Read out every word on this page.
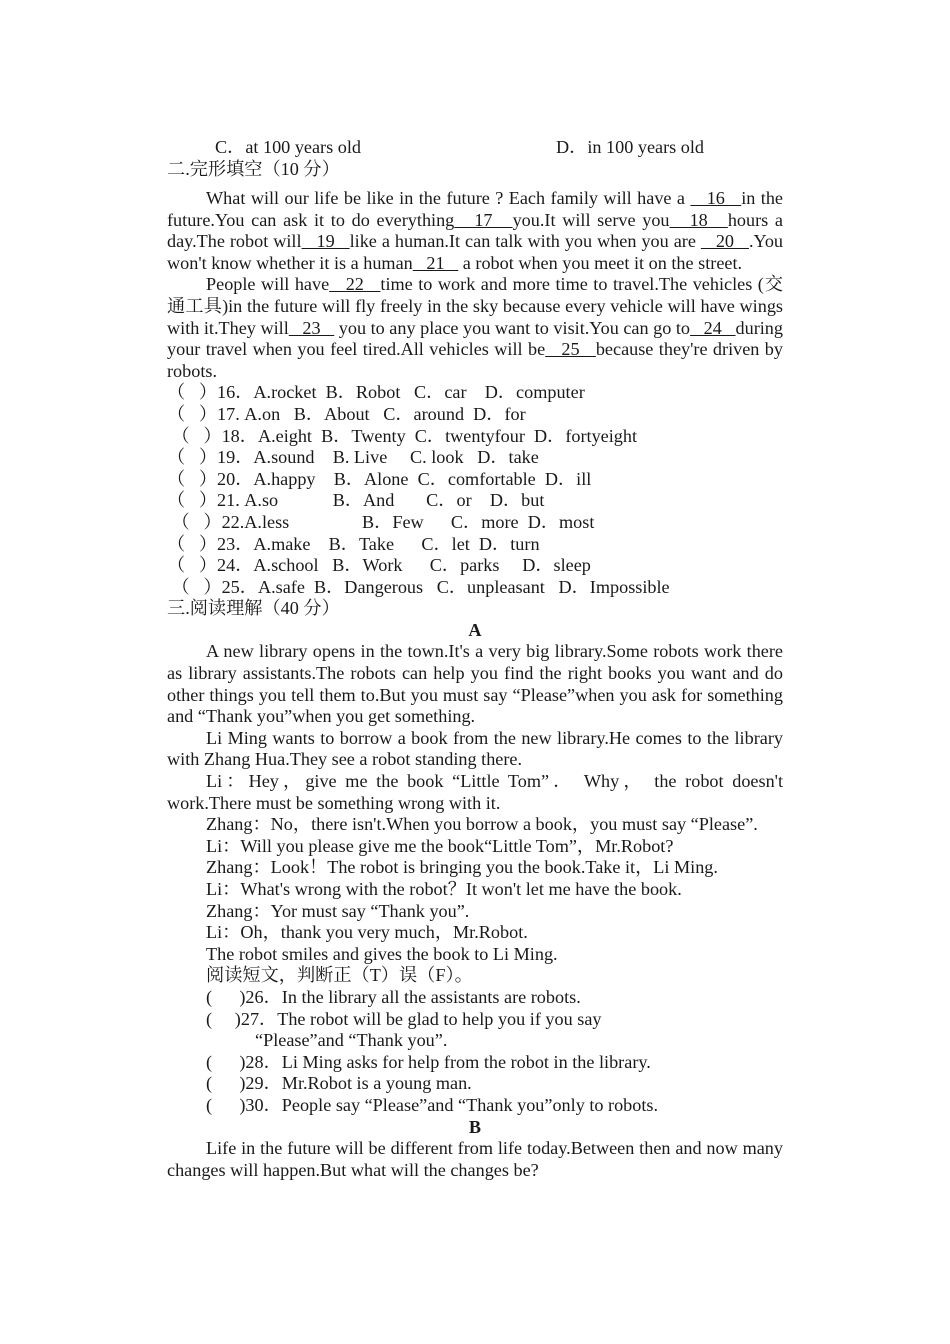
C．at 100 years old	D．in 100 years old
二.完形填空（10 分）

What will our life be like in the future ? Each family will have a    16   in the future.You can ask it to do everything   17   you.It will serve you   18   hours a day.The robot will   19   like a human.It can talk with you when you are    20   .You won't know whether it is a human   21    a robot when you meet it on the street.

People will have   22   time to work and more time to travel.The vehicles (交通工具)in the future will fly freely in the sky because every vehicle will have wings with it.They will   23    you to any place you want to visit.You can go to   24   during your travel when you feel tired.All vehicles will be   25   because they're driven by robots.

（   ）16．A.rocket  B．Robot   C．car    D．computer
（   ）17. A.on   B．About   C．around  D．for
（   ）18．A.eight  B．Twenty  C．twentyfour  D．fortyeight
（   ）19．A.sound    B. Live     C. look   D．take
（   ）20．A.happy    B．Alone  C．comfortable  D．ill
（   ）21. A.so            B．And       C．or    D．but
（   ）22.A.less                B．Few      C．more  D．most
（   ）23．A.make    B．Take      C．let  D．turn
（   ）24．A.school   B．Work      C．parks     D．sleep
（   ）25．A.safe  B．Dangerous   C．unpleasant   D．Impossible
三.阅读理解（40 分）
A

A new library opens in the town.It's a very big library.Some robots work there as library assistants.The robots can help you find the right books you want and do other things you tell them to.But you must say “Please”when you ask for something and “Thank you”when you get something.

Li Ming wants to borrow a book from the new library.He comes to the library with Zhang Hua.They see a robot standing there.

Li：Hey，give me the book “Little Tom”． Why， the robot doesn't work.There must be something wrong with it.

Zhang：No，there isn't.When you borrow a book，you must say “Please”.
Li：Will you please give me the book“Little Tom”，Mr.Robot?
Zhang：Look！The robot is bringing you the book.Take it，Li Ming.
Li：What's wrong with the robot？It won't let me have the book.
Zhang：Yor must say “Thank you”.
Li：Oh，thank you very much，Mr.Robot.
The robot smiles and gives the book to Li Ming.
阅读短文，判断正（T）误（F）。
(      )26．In the library all the assistants are robots.
(     )27．The robot will be glad to help you if you say
“Please”and “Thank you”.
(      )28．Li Ming asks for help from the robot in the library.
(      )29．Mr.Robot is a young man.
(      )30．People say “Please”and “Thank you”only to robots.
B

Life in the future will be different from life today.Between then and now many changes will happen.But what will the changes be?
